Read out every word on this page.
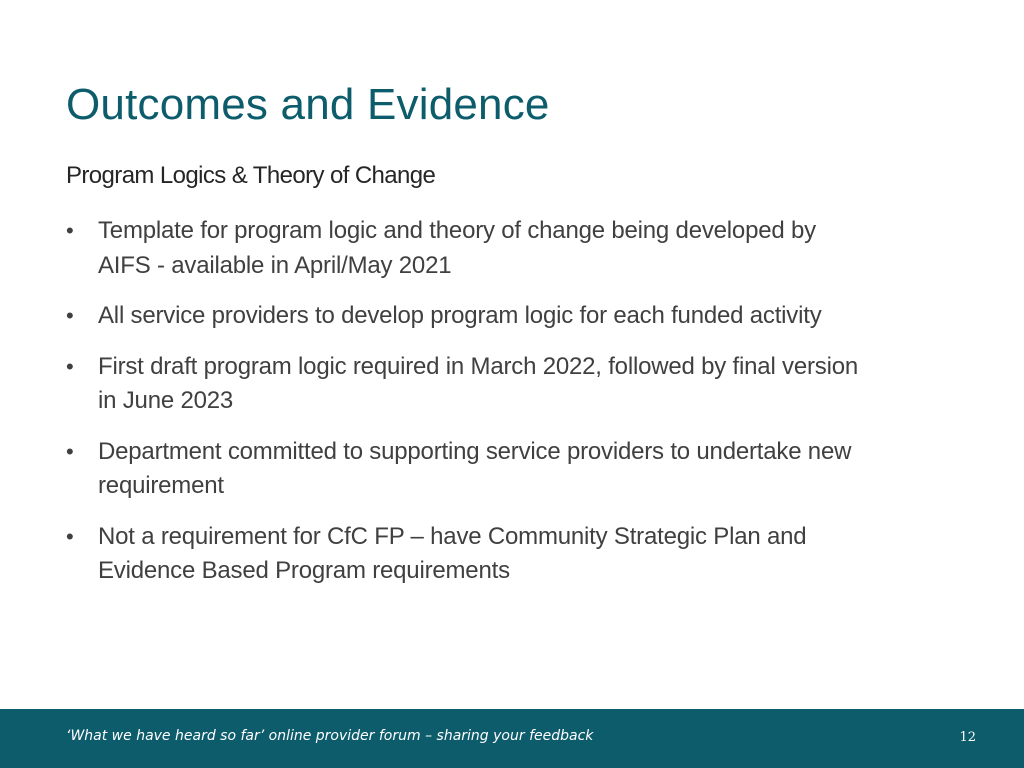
Outcomes and Evidence
Program Logics & Theory of Change
• Template for program logic and theory of change being developed by AIFS - available in April/May 2021
• All service providers to develop program logic for each funded activity
• First draft program logic required in March 2022, followed by final version in June 2023
• Department committed to supporting service providers to undertake new requirement
• Not a requirement for CfC FP – have Community Strategic Plan and Evidence Based Program requirements
‘What we have heard so far’ online provider forum – sharing your feedback	12
